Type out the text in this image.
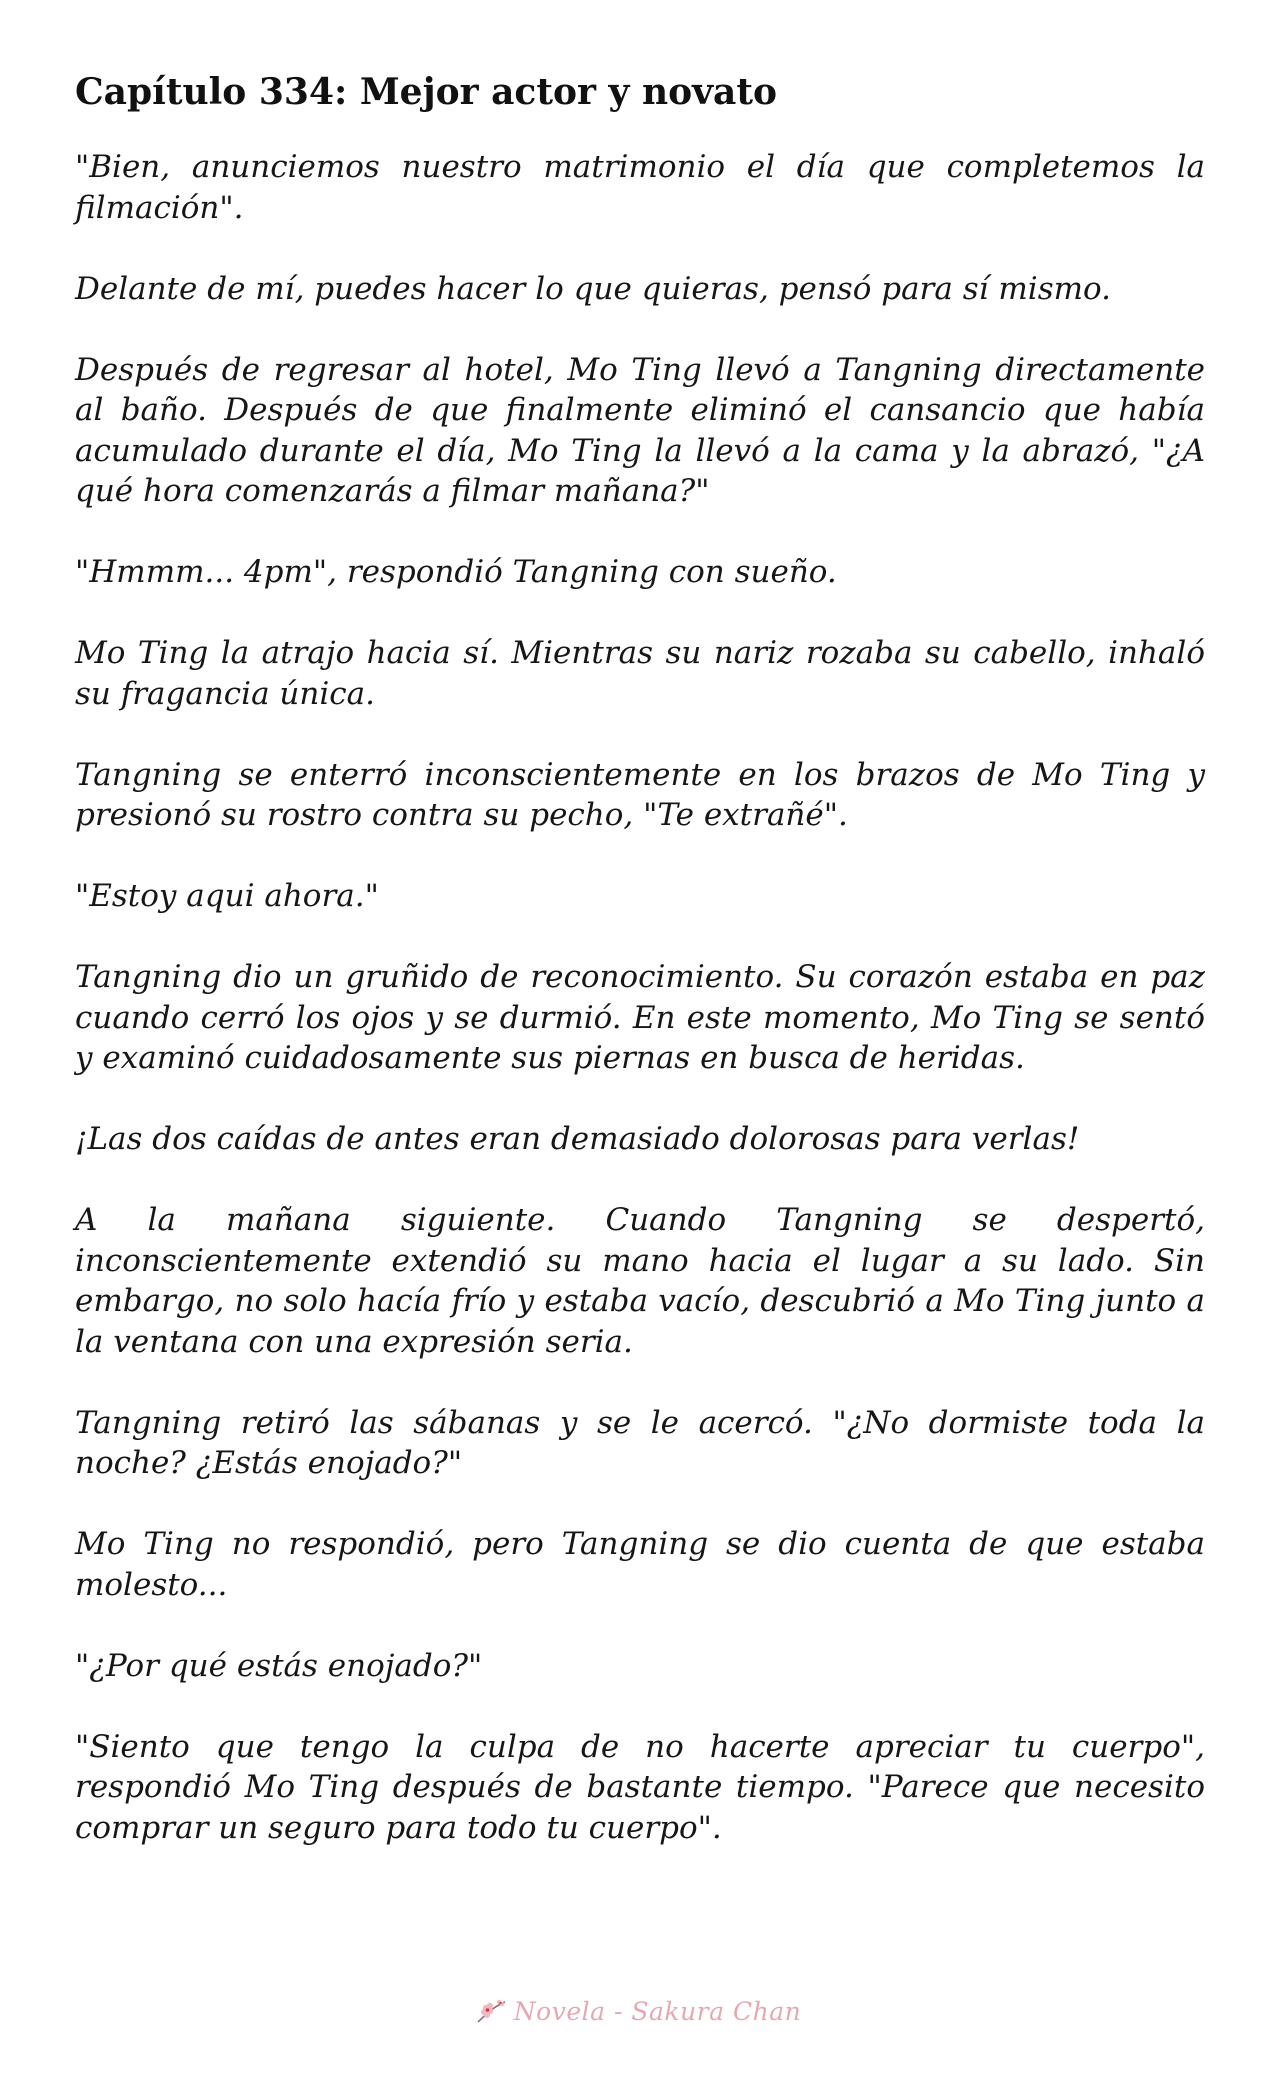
Capítulo 334: Mejor actor y novato

"Bien, anunciemos nuestro matrimonio el día que completemos la filmación".

Delante de mí, puedes hacer lo que quieras, pensó para sí mismo.

Después de regresar al hotel, Mo Ting llevó a Tangning directamente al baño. Después de que finalmente eliminó el cansancio que había acumulado durante el día, Mo Ting la llevó a la cama y la abrazó, "¿A qué hora comenzarás a filmar mañana?"

"Hmmm... 4pm", respondió Tangning con sueño.

Mo Ting la atrajo hacia sí. Mientras su nariz rozaba su cabello, inhaló su fragancia única.

Tangning se enterró inconscientemente en los brazos de Mo Ting y presionó su rostro contra su pecho, "Te extrañé".

"Estoy aqui ahora."

Tangning dio un gruñido de reconocimiento. Su corazón estaba en paz cuando cerró los ojos y se durmió. En este momento, Mo Ting se sentó y examinó cuidadosamente sus piernas en busca de heridas.

¡Las dos caídas de antes eran demasiado dolorosas para verlas!

A la mañana siguiente. Cuando Tangning se despertó, inconscientemente extendió su mano hacia el lugar a su lado. Sin embargo, no solo hacía frío y estaba vacío, descubrió a Mo Ting junto a la ventana con una expresión seria.

Tangning retiró las sábanas y se le acercó. "¿No dormiste toda la noche? ¿Estás enojado?"

Mo Ting no respondió, pero Tangning se dio cuenta de que estaba molesto...

"¿Por qué estás enojado?"

"Siento que tengo la culpa de no hacerte apreciar tu cuerpo", respondió Mo Ting después de bastante tiempo. "Parece que necesito comprar un seguro para todo tu cuerpo".

Novela - Sakura Chan
